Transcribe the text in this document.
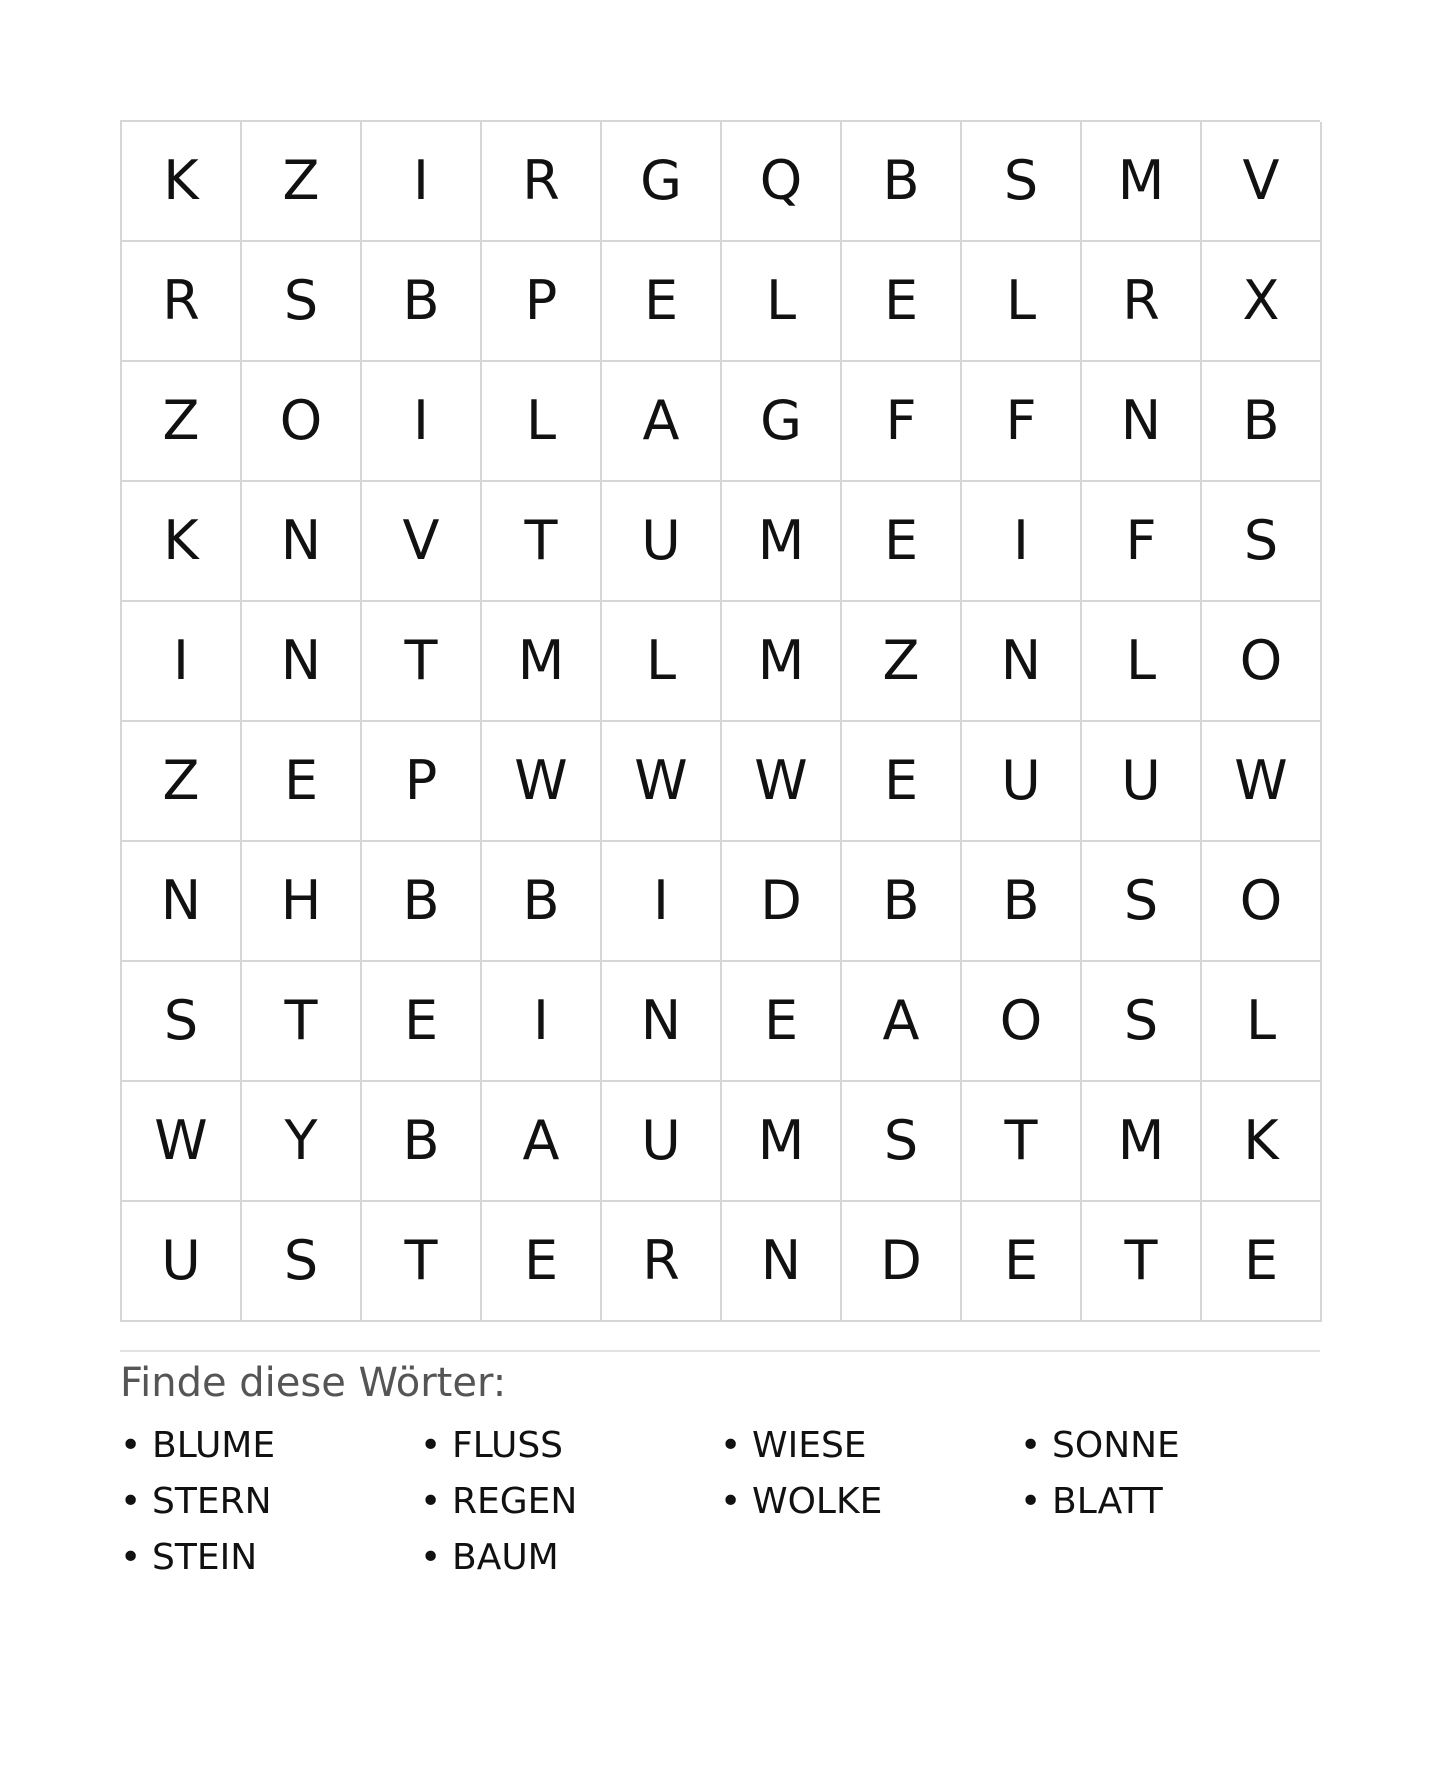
K	Z	I	R	G	Q	B	S	M	V
R	S	B	P	E	L	E	L	R	X
Z	O	I	L	A	G	F	F	N	B
K	N	V	T	U	M	E	I	F	S
I	N	T	M	L	M	Z	N	L	O
Z	E	P	W	W	W	E	U	U	W
N	H	B	B	I	D	B	B	S	O
S	T	E	I	N	E	A	O	S	L
W	Y	B	A	U	M	S	T	M	K
U	S	T	E	R	N	D	E	T	E
Finde diese Wörter:
• BLUME	• FLUSS	• WIESE	• SONNE
• STERN	• REGEN	• WOLKE	• BLATT
• STEIN	• BAUM
